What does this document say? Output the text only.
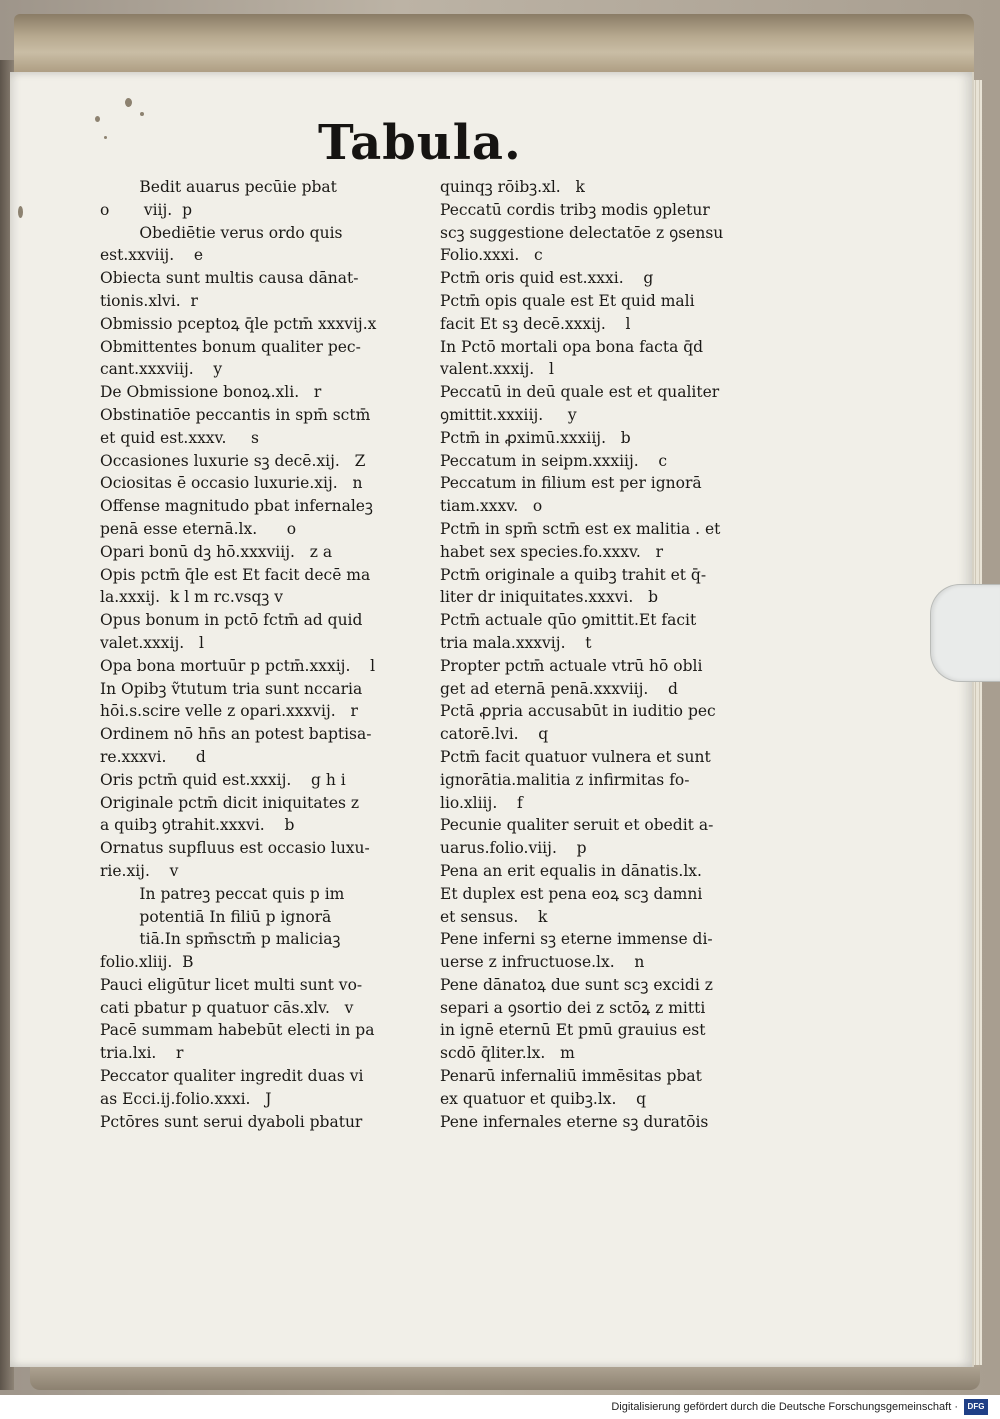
Tabula.
Bedit auarus pecūie pbat
o       viij.  p
Obediētie verus ordo quis
est.xxviij.    e
Obiecta sunt multis causa dānat-
tionis.xlvi.  r
Obmissio pceptoꝝ q̄le pctm̄ xxxvij.x
Obmittentes bonum qualiter pec-
cant.xxxviij.    y
De Obmissione bonoꝝ.xli.   r
Obstinatiōe peccantis in spm̄ sctm̄
et quid est.xxxv.     s
Occasiones luxurie sꝫ decē.xij.   Z
Ociositas ē occasio luxurie.xij.   n
Offense magnitudo pbat infernaleꝫ
penā esse eternā.lx.      o
Opari bonū dꝫ hō.xxxviij.   z a
Opis pctm̄ q̄le est Et facit decē ma
la.xxxij.  k l m rc.vsqꝫ v
Opus bonum in pctō fctm̄ ad quid
valet.xxxij.   l
Opa bona mortuūr p pctm̄.xxxij.    l
In Opibꝫ ṽtutum tria sunt nccaria
hōi.s.scire velle z opari.xxxvij.   r
Ordinem nō hn̄s an potest baptisa-
re.xxxvi.      d
Oris pctm̄ quid est.xxxij.    g h i
Originale pctm̄ dicit iniquitates z
a quibꝫ ꝯtrahit.xxxvi.    b
Ornatus supfluus est occasio luxu-
rie.xij.    v
In patreꝫ peccat quis p im
potentiā In filiū p ignorā
tiā.In spm̄sctm̄ p maliciaꝫ
folio.xliij.  B
Pauci eligūtur licet multi sunt vo-
cati pbatur p quatuor cās.xlv.   v
Pacē summam habebūt electi in pa
tria.lxi.    r
Peccator qualiter ingredit duas vi
as Ecci.ij.folio.xxxi.   J
Pctōres sunt serui dyaboli pbatur
quinqꝫ rōibꝫ.xl.   k
Peccatū cordis tribꝫ modis ꝯpletur
scꝫ suggestione delectatōe z ꝯsensu
Folio.xxxi.   c
Pctm̄ oris quid est.xxxi.    g
Pctm̄ opis quale est Et quid mali
facit Et sꝫ decē.xxxij.    l
In Pctō mortali opa bona facta q̄d
valent.xxxij.   l
Peccatū in deū quale est et qualiter
ꝯmittit.xxxiij.     y
Pctm̄ in ꝓximū.xxxiij.   b
Peccatum in seipm.xxxiij.    c
Peccatum in filium est per ignorā
tiam.xxxv.   o
Pctm̄ in spm̄ sctm̄ est ex malitia . et
habet sex species.fo.xxxv.   r
Pctm̄ originale a quibꝫ trahit et q̄-
liter dr iniquitates.xxxvi.   b
Pctm̄ actuale qūo ꝯmittit.Et facit
tria mala.xxxvij.    t
Propter pctm̄ actuale vtrū hō obli
get ad eternā penā.xxxviij.    d
Pctā ꝓpria accusabūt in iuditio pec
catorē.lvi.    q
Pctm̄ facit quatuor vulnera et sunt
ignorātia.malitia z infirmitas fo-
lio.xliij.    f
Pecunie qualiter seruit et obedit a-
uarus.folio.viij.    p
Pena an erit equalis in dānatis.lx.
Et duplex est pena eoꝝ scꝫ damni
et sensus.    k
Pene inferni sꝫ eterne immense di-
uerse z infructuose.lx.    n
Pene dānatoꝝ due sunt scꝫ excidi z
separi a ꝯsortio dei z sctōꝝ z mitti
in ignē eternū Et pmū grauius est
scdō q̄liter.lx.   m
Penarū infernaliū immēsitas pbat
ex quatuor et quibꝫ.lx.    q
Pene infernales eterne sꝫ duratōis
Digitalisierung gefördert durch die Deutsche Forschungsgemeinschaft ·	DFG
